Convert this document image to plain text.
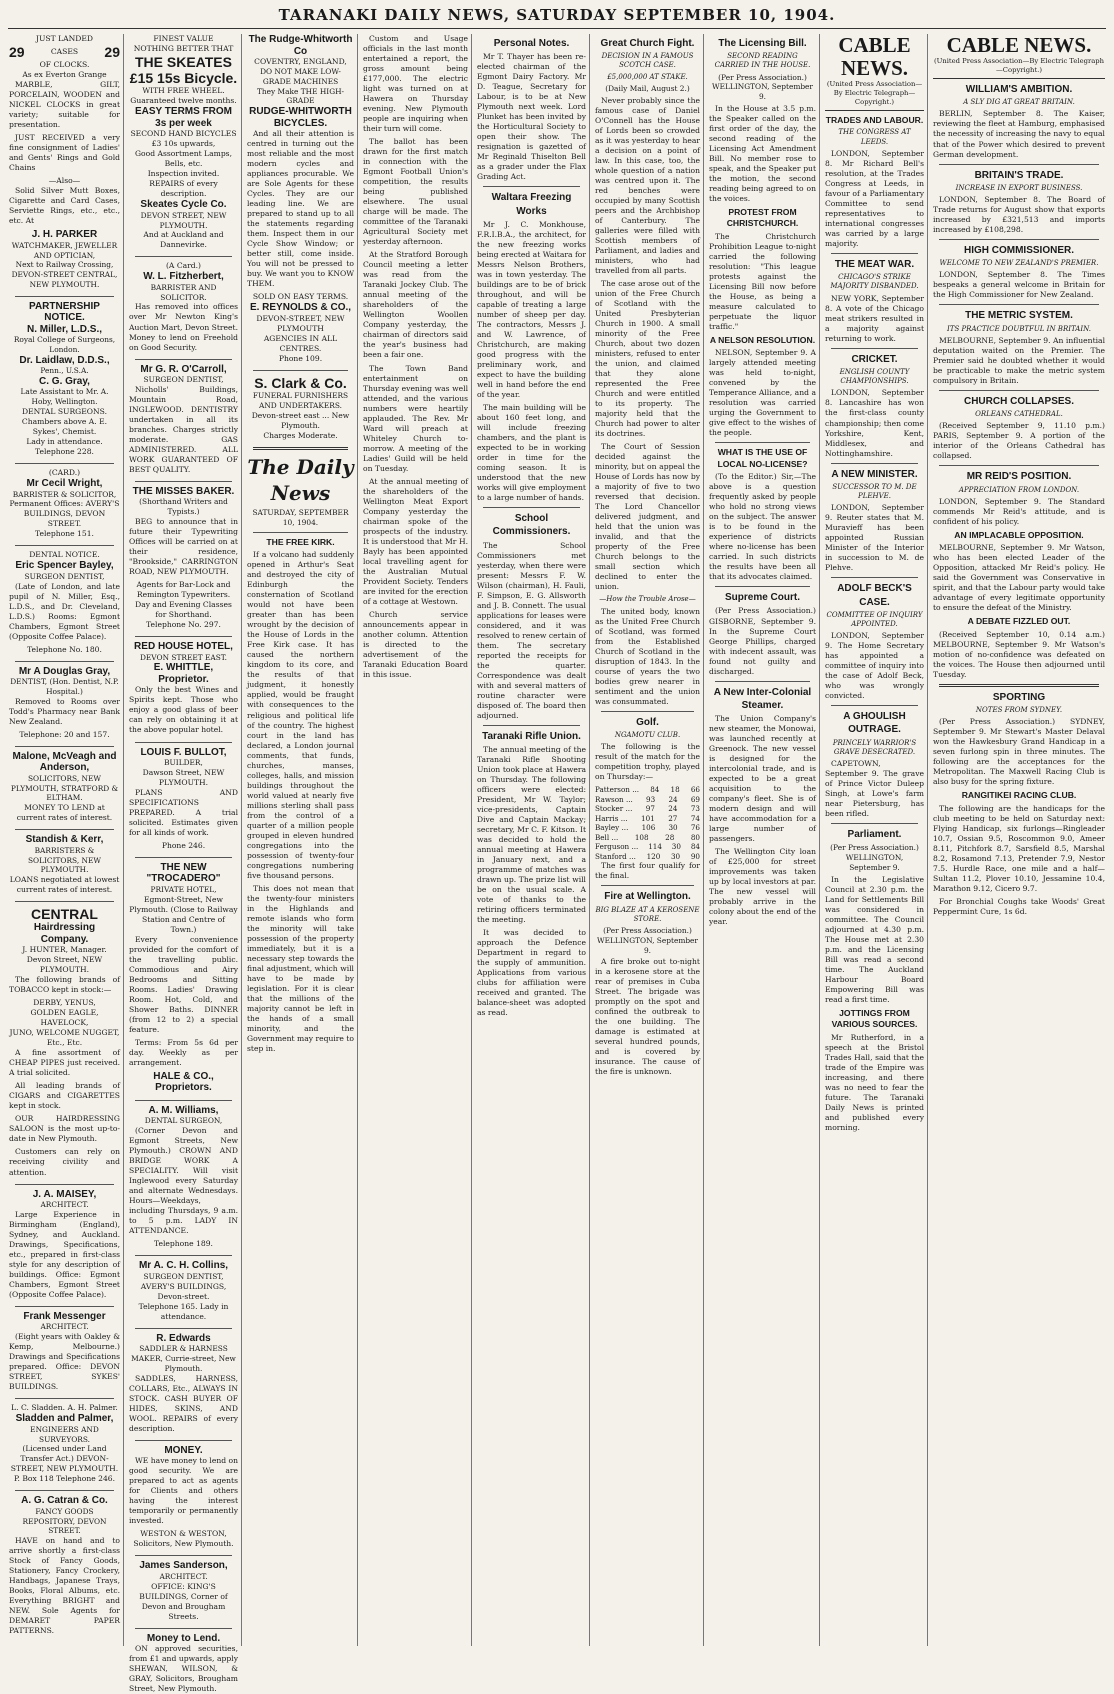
TARANAKI DAILY NEWS, SATURDAY SEPTEMBER 10, 1904.
JUST LANDED
29	CASES 29
OF CLOCKS.
As ex Everton Grange
MARBLE, GILT, PORCELAIN, WOODEN and NICKEL CLOCKS in great variety; suitable for presentation.
JUST RECEIVED a very fine consignment of Ladies' and Gents' Rings and Gold Chains
—Also—
Solid Silver Mutt Boxes, Cigarette and Card Cases, Serviette Rings, etc., etc., etc. At
J. H. PARKER
WATCHMAKER, JEWELLER AND OPTICIAN,
Next to Railway Crossing, DEVON-STREET CENTRAL, NEW PLYMOUTH.
PARTNERSHIP NOTICE.
N. Miller, L.D.S.,
Royal College of Surgeons, London.
Dr. Laidlaw, D.D.S.,
Penn., U.S.A.
C. G. Gray,
Late Assistant to Mr. A. Hoby, Wellington.
DENTAL SURGEONS.
Chambers above A. E. Sykes', Chemist.
Lady in attendance.
Telephone 228.
(CARD.)
Mr Cecil Wright,
BARRISTER & SOLICITOR,
Permanent Offices: AVERY'S BUILDINGS, DEVON STREET.
Telephone 151.
DENTAL NOTICE.
Eric Spencer Bayley,
SURGEON DENTIST,
(Late of London, and late pupil of N. Miller, Esq., L.D.S., and Dr. Cleveland, L.D.S.) Rooms: Egmont Chambers, Egmont Street (Opposite Coffee Palace).
Telephone No. 180.
Mr A Douglas Gray,
DENTIST, (Hon. Dentist, N.P. Hospital.)
Removed to Rooms over Todd's Pharmacy near Bank New Zealand.
Telephone: 20 and 157.
Malone, McVeagh and Anderson,
SOLICITORS, NEW PLYMOUTH, STRATFORD & ELTHAM.
MONEY TO LEND at current rates of interest.
Standish & Kerr,
BARRISTERS & SOLICITORS, NEW PLYMOUTH.
LOANS negotiated at lowest current rates of interest.
CENTRAL
Hairdressing Company.
J. HUNTER, Manager.
Devon Street, NEW PLYMOUTH.
The following brands of TOBACCO kept in stock:—
DERBY, YENUS,
GOLDEN EAGLE,
HAVELOCK,
JUNO, WELCOME NUGGET, Etc., Etc.
A fine assortment of CHEAP PIPES just received. A trial solicited.
All leading brands of CIGARS and CIGARETTES kept in stock.
OUR HAIRDRESSING SALOON is the most up-to-date in New Plymouth.
Customers can rely on receiving civility and attention.
J. A. MAISEY,
ARCHITECT.
Large Experience in Birmingham (England), Sydney, and Auckland. Drawings, Specifications, etc., prepared in first-class style for any description of buildings. Office: Egmont Chambers, Egmont Street (Opposite Coffee Palace).
Frank Messenger
ARCHITECT.
(Eight years with Oakley & Kemp, Melbourne.) Drawings and Specifications prepared. Office: DEVON STREET, SYKES' BUILDINGS.
L. C. Sladden. A. H. Palmer.
Sladden and Palmer,
ENGINEERS AND SURVEYORS.
(Licensed under Land Transfer Act.) DEVON-STREET, NEW PLYMOUTH.
P. Box 118 Telephone 246.
A. G. Catran & Co.
FANCY GOODS REPOSITORY, DEVON STREET.
HAVE on hand and to arrive shortly a first-class Stock of Fancy Goods, Stationery, Fancy Crockery, Handbags, Japanese Trays, Books, Floral Albums, etc. Everything BRIGHT and NEW. Sole Agents for DEMARET PAPER PATTERNS.
FINEST VALUE
NOTHING BETTER THAT
THE SKEATES
£15 15s Bicycle.
WITH FREE WHEEL.
Guaranteed twelve months.
EASY TERMS FROM 3s per week
SECOND HAND BICYCLES £3 10s upwards,
Good Assortment Lamps, Bells, etc.
Inspection invited.
REPAIRS of every description.
Skeates Cycle Co.
DEVON STREET, NEW PLYMOUTH.
And at Auckland and Dannevirke.
(A Card.)
W. L. Fitzherbert,
BARRISTER AND SOLICITOR.
Has removed into offices over Mr Newton King's Auction Mart, Devon Street. Money to lend on Freehold on Good Security.
Mr G. R. O'Carroll,
SURGEON DENTIST,
Nicholls' Buildings, Mountain Road, INGLEWOOD. DENTISTRY undertaken in all its branches. Charges strictly moderate. GAS ADMINISTERED. ALL WORK GUARANTEED OF BEST QUALITY.
THE MISSES BAKER.
(Shorthand Writers and Typists.)
BEG to announce that in future their Typewriting Offices will be carried on at their residence, "Brookside," CARRINGTON ROAD, NEW PLYMOUTH.
Agents for Bar-Lock and Remington Typewriters.
Day and Evening Classes for Shorthand.
Telephone No. 297.
RED HOUSE HOTEL,
DEVON STREET EAST.
E. WHITTLE, Proprietor.
Only the best Wines and Spirits kept. Those who enjoy a good glass of beer can rely on obtaining it at the above popular hotel.
LOUIS F. BULLOT,
BUILDER,
Dawson Street, NEW PLYMOUTH.
PLANS AND SPECIFICATIONS PREPARED. A trial solicited. Estimates given for all kinds of work.
Phone 246.
THE NEW "TROCADERO"
PRIVATE HOTEL,
Egmont-Street, New Plymouth. (Close to Railway Station and Centre of Town.)
Every convenience provided for the comfort of the travelling public. Commodious and Airy Bedrooms and Sitting Rooms. Ladies' Drawing Room. Hot, Cold, and Shower Baths. DINNER (from 12 to 2) a special feature.
Terms: From 5s 6d per day. Weekly as per arrangement.
HALE & CO., Proprietors.
A. M. Williams,
DENTAL SURGEON,
(Corner Devon and Egmont Streets, New Plymouth.) CROWN AND BRIDGE WORK A SPECIALITY. Will visit Inglewood every Saturday and alternate Wednesdays. Hours—Weekdays, including Thursdays, 9 a.m. to 5 p.m. LADY IN ATTENDANCE.
Telephone 189.
Mr A. C. H. Collins,
SURGEON DENTIST,
AVERY'S BUILDINGS, Devon-street.
Telephone 165. Lady in attendance.
R. Edwards
SADDLER & HARNESS MAKER, Currie-street, New Plymouth.
SADDLES, HARNESS, COLLARS, Etc., ALWAYS IN STOCK. CASH BUYER OF HIDES, SKINS, AND WOOL. REPAIRS of every description.
MONEY.
WE have money to lend on good security. We are prepared to act as agents for Clients and others having the interest temporarily or permanently invested.
WESTON & WESTON, Solicitors, New Plymouth.
James Sanderson,
ARCHITECT.
OFFICE: KING'S BUILDINGS, Corner of Devon and Brougham Streets.
Money to Lend.
ON approved securities, from £1 and upwards, apply SHEWAN, WILSON, & GRAY, Solicitors, Brougham Street, New Plymouth.
The Rudge-Whitworth Co
COVENTRY, ENGLAND,
DO NOT MAKE LOW-GRADE MACHINES
They Make THE HIGH-GRADE
RUDGE-WHITWORTH BICYCLES.
And all their attention is centred in turning out the most reliable and the most modern cycles and appliances procurable. We are Sole Agents for these Cycles. They are our leading line. We are prepared to stand up to all the statements regarding them. Inspect them in our Cycle Show Window; or better still, come inside. You will not be pressed to buy. We want you to KNOW THEM.
SOLD ON EASY TERMS.
E. REYNOLDS & CO.,
DEVON-STREET, NEW PLYMOUTH
AGENCIES IN ALL CENTRES.
Phone 109.
S. Clark & Co.
FUNERAL FURNISHERS AND UNDERTAKERS.
Devon-street east ... New Plymouth.
Charges Moderate.
The Daily News
SATURDAY, SEPTEMBER 10, 1904.
THE FREE KIRK.
If a volcano had suddenly opened in Arthur's Seat and destroyed the city of Edinburgh the consternation of Scotland would not have been greater than has been wrought by the decision of the House of Lords in the Free Kirk case. It has caused the northern kingdom to its core, and the results of that judgment, it honestly applied, would be fraught with consequences to the religious and political life of the country. The highest court in the land has declared, a London journal comments, that funds, churches, manses, colleges, halls, and mission buildings throughout the world valued at nearly five millions sterling shall pass from the control of a quarter of a million people grouped in eleven hundred congregations into the possession of twenty-four congregations numbering five thousand persons.
This does not mean that the twenty-four ministers in the Highlands and remote islands who form the minority will take possession of the property immediately, but it is a necessary step towards the final adjustment, which will have to be made by legislation. For it is clear that the millions of the majority cannot be left in the hands of a small minority, and the Government may require to step in.
Custom and Usage officials in the last month entertained a report, the gross amount being £177,000. The electric light was turned on at Hawera on Thursday evening. New Plymouth people are inquiring when their turn will come.
The ballot has been drawn for the first match in connection with the Egmont Football Union's competition, the results being published elsewhere. The usual charge will be made. The committee of the Taranaki Agricultural Society met yesterday afternoon.
At the Stratford Borough Council meeting a letter was read from the Taranaki Jockey Club. The annual meeting of the shareholders of the Wellington Woollen Company yesterday, the chairman of directors said the year's business had been a fair one.
The Town Band entertainment on Thursday evening was well attended, and the various numbers were heartily applauded. The Rev. Mr Ward will preach at Whiteley Church to-morrow. A meeting of the Ladies' Guild will be held on Tuesday.
At the annual meeting of the shareholders of the Wellington Meat Export Company yesterday the chairman spoke of the prospects of the industry. It is understood that Mr H. Bayly has been appointed local travelling agent for the Australian Mutual Provident Society. Tenders are invited for the erection of a cottage at Westown.
Church service announcements appear in another column. Attention is directed to the advertisement of the Taranaki Education Board in this issue.
Personal Notes.
Mr T. Thayer has been re-elected chairman of the Egmont Dairy Factory. Mr D. Teague, Secretary for Labour, is to be at New Plymouth next week. Lord Plunket has been invited by the Horticultural Society to open their show. The resignation is gazetted of Mr Reginald Thiselton Bell as a grader under the Flax Grading Act.
Waltara Freezing Works
Mr J. C. Monkhouse, F.R.I.B.A., the architect, for the new freezing works being erected at Waitara for Messrs Nelson Brothers, was in town yesterday. The buildings are to be of brick throughout, and will be capable of treating a large number of sheep per day. The contractors, Messrs J. and W. Lawrence, of Christchurch, are making good progress with the preliminary work, and expect to have the building well in hand before the end of the year.
The main building will be about 160 feet long, and will include freezing chambers, and the plant is expected to be in working order in time for the coming season. It is understood that the new works will give employment to a large number of hands.
School Commissioners.
The School Commissioners met yesterday, when there were present: Messrs F. W. Wilson (chairman), H. Fauli, F. Simpson, E. G. Allsworth and J. B. Connett. The usual applications for leases were considered, and it was resolved to renew certain of them. The secretary reported the receipts for the quarter. Correspondence was dealt with and several matters of routine character were disposed of. The board then adjourned.
Taranaki Rifle Union.
The annual meeting of the Taranaki Rifle Shooting Union took place at Hawera on Thursday. The following officers were elected: President, Mr W. Taylor; vice-presidents, Captain Dive and Captain Mackay; secretary, Mr C. F. Kitson. It was decided to hold the annual meeting at Hawera in January next, and a programme of matches was drawn up. The prize list will be on the usual scale. A vote of thanks to the retiring officers terminated the meeting.
It was decided to approach the Defence Department in regard to the supply of ammunition. Applications from various clubs for affiliation were received and granted. The balance-sheet was adopted as read.
Great Church Fight.
DECISION IN A FAMOUS SCOTCH CASE.
£5,000,000 AT STAKE.
(Daily Mail, August 2.)
Never probably since the famous case of Daniel O'Connell has the House of Lords been so crowded as it was yesterday to hear a decision on a point of law. In this case, too, the whole question of a nation was centred upon it. The red benches were occupied by many Scottish peers and the Archbishop of Canterbury. The galleries were filled with Scottish members of Parliament, and ladies and ministers, who had travelled from all parts.
The case arose out of the union of the Free Church of Scotland with the United Presbyterian Church in 1900. A small minority of the Free Church, about two dozen ministers, refused to enter the union, and claimed that they alone represented the Free Church and were entitled to its property. The majority held that the Church had power to alter its doctrines.
The Court of Session decided against the minority, but on appeal the House of Lords has now by a majority of five to two reversed that decision. The Lord Chancellor delivered judgment, and held that the union was invalid, and that the property of the Free Church belongs to the small section which declined to enter the union.
—How the Trouble Arose—
The united body, known as the United Free Church of Scotland, was formed from the Established Church of Scotland in the disruption of 1843. In the course of years the two bodies grew nearer in sentiment and the union was consummated.
Golf.
NGAMOTU CLUB.
The following is the result of the match for the competition trophy, played on Thursday:—
Patterson ... 84 18 66
Rawson ... 93 24 69
Stocker ... 97 24 73
Harris ... 101 27 74
Bayley ... 106 30 76
Bell ... 108 28 80
Ferguson ... 114 30 84
Stanford ... 120 30 90
The first four qualify for the final.
Fire at Wellington.
BIG BLAZE AT A KEROSENE STORE.
(Per Press Association.) WELLINGTON, September 9.
A fire broke out to-night in a kerosene store at the rear of premises in Cuba Street. The brigade was promptly on the spot and confined the outbreak to the one building. The damage is estimated at several hundred pounds, and is covered by insurance. The cause of the fire is unknown.
The Licensing Bill.
SECOND READING CARRIED IN THE HOUSE.
(Per Press Association.) WELLINGTON, September 9.
In the House at 3.5 p.m. the Speaker called on the first order of the day, the second reading of the Licensing Act Amendment Bill. No member rose to speak, and the Speaker put the motion, the second reading being agreed to on the voices.
PROTEST FROM CHRISTCHURCH.
The Christchurch Prohibition League to-night carried the following resolution: "This league protests against the Licensing Bill now before the House, as being a measure calculated to perpetuate the liquor traffic."
A NELSON RESOLUTION.
NELSON, September 9. A largely attended meeting was held to-night, convened by the Temperance Alliance, and a resolution was carried urging the Government to give effect to the wishes of the people.
WHAT IS THE USE OF LOCAL NO-LICENSE?
(To the Editor.) Sir,—The above is a question frequently asked by people who hold no strong views on the subject. The answer is to be found in the experience of districts where no-license has been carried. In such districts the results have been all that its advocates claimed.
Supreme Court.
(Per Press Association.) GISBORNE, September 9. In the Supreme Court George Phillips, charged with indecent assault, was found not guilty and discharged.
A New Inter-Colonial Steamer.
The Union Company's new steamer, the Monowai, was launched recently at Greenock. The new vessel is designed for the intercolonial trade, and is expected to be a great acquisition to the company's fleet. She is of modern design and will have accommodation for a large number of passengers.
The Wellington City loan of £25,000 for street improvements was taken up by local investors at par. The new vessel will probably arrive in the colony about the end of the year.
CABLE NEWS.
(United Press Association—By Electric Telegraph—Copyright.)
TRADES AND LABOUR.
THE CONGRESS AT LEEDS.
LONDON, September 8. Mr Richard Bell's resolution, at the Trades Congress at Leeds, in favour of a Parliamentary Committee to send representatives to international congresses was carried by a large majority.
THE MEAT WAR.
CHICAGO'S STRIKE MAJORITY DISBANDED.
NEW YORK, September 8. A vote of the Chicago meat strikers resulted in a majority against returning to work.
CRICKET.
ENGLISH COUNTY CHAMPIONSHIPS.
LONDON, September 8. Lancashire has won the first-class county championship; then come Yorkshire, Kent, Middlesex, and Nottinghamshire.
A NEW MINISTER.
SUCCESSOR TO M. DE PLEHVE.
LONDON, September 9. Reuter states that M. Muravieff has been appointed Russian Minister of the Interior in succession to M. de Plehve.
ADOLF BECK'S CASE.
COMMITTEE OF INQUIRY APPOINTED.
LONDON, September 9. The Home Secretary has appointed a committee of inquiry into the case of Adolf Beck, who was wrongly convicted.
A GHOULISH OUTRAGE.
PRINCELY WARRIOR'S GRAVE DESECRATED.
CAPETOWN, September 9. The grave of Prince Victor Duleep Singh, at Lowe's farm near Pietersburg, has been rifled.
Parliament.
(Per Press Association.) WELLINGTON, September 9.
In the Legislative Council at 2.30 p.m. the Land for Settlements Bill was considered in committee. The Council adjourned at 4.30 p.m. The House met at 2.30 p.m. and the Licensing Bill was read a second time. The Auckland Harbour Board Empowering Bill was read a first time.
JOTTINGS FROM VARIOUS SOURCES.
Mr Rutherford, in a speech at the Bristol Trades Hall, said that the trade of the Empire was increasing, and there was no need to fear the future. The Taranaki Daily News is printed and published every morning.
CABLE NEWS.
(United Press Association—By Electric Telegraph—Copyright.)
WILLIAM'S AMBITION.
A SLY DIG AT GREAT BRITAIN.
BERLIN, September 8. The Kaiser, reviewing the fleet at Hamburg, emphasised the necessity of increasing the navy to equal that of the Power which desired to prevent German development.
BRITAIN'S TRADE.
INCREASE IN EXPORT BUSINESS.
LONDON, September 8. The Board of Trade returns for August show that exports increased by £321,513 and imports increased by £108,298.
HIGH COMMISSIONER.
WELCOME TO NEW ZEALAND'S PREMIER.
LONDON, September 8. The Times bespeaks a general welcome in Britain for the High Commissioner for New Zealand.
THE METRIC SYSTEM.
ITS PRACTICE DOUBTFUL IN BRITAIN.
MELBOURNE, September 9. An influential deputation waited on the Premier. The Premier said he doubted whether it would be practicable to make the metric system compulsory in Britain.
CHURCH COLLAPSES.
ORLEANS CATHEDRAL.
(Received September 9, 11.10 p.m.) PARIS, September 9. A portion of the interior of the Orleans Cathedral has collapsed.
MR REID'S POSITION.
APPRECIATION FROM LONDON.
LONDON, September 9. The Standard commends Mr Reid's attitude, and is confident of his policy.
AN IMPLACABLE OPPOSITION.
MELBOURNE, September 9. Mr Watson, who has been elected Leader of the Opposition, attacked Mr Reid's policy. He said the Government was Conservative in spirit, and that the Labour party would take advantage of every legitimate opportunity to ensure the defeat of the Ministry.
A DEBATE FIZZLED OUT.
(Received September 10, 0.14 a.m.) MELBOURNE, September 9. Mr Watson's motion of no-confidence was defeated on the voices. The House then adjourned until Tuesday.
SPORTING
NOTES FROM SYDNEY.
(Per Press Association.) SYDNEY, September 9. Mr Stewart's Master Delaval won the Hawkesbury Grand Handicap in a seven furlong spin in three minutes. The following are the acceptances for the Metropolitan. The Maxwell Racing Club is also busy for the spring fixture.
RANGITIKEI RACING CLUB.
The following are the handicaps for the club meeting to be held on Saturday next: Flying Handicap, six furlongs—Ringleader 10.7, Ossian 9.5, Roscommon 9.0, Ameer 8.11, Pitchfork 8.7, Sarsfield 8.5, Marshal 8.2, Rosamond 7.13, Pretender 7.9, Nestor 7.5. Hurdle Race, one mile and a half—Sultan 11.2, Plover 10.10, Jessamine 10.4, Marathon 9.12, Cicero 9.7.
For Bronchial Coughs take Woods' Great Peppermint Cure, 1s 6d.
